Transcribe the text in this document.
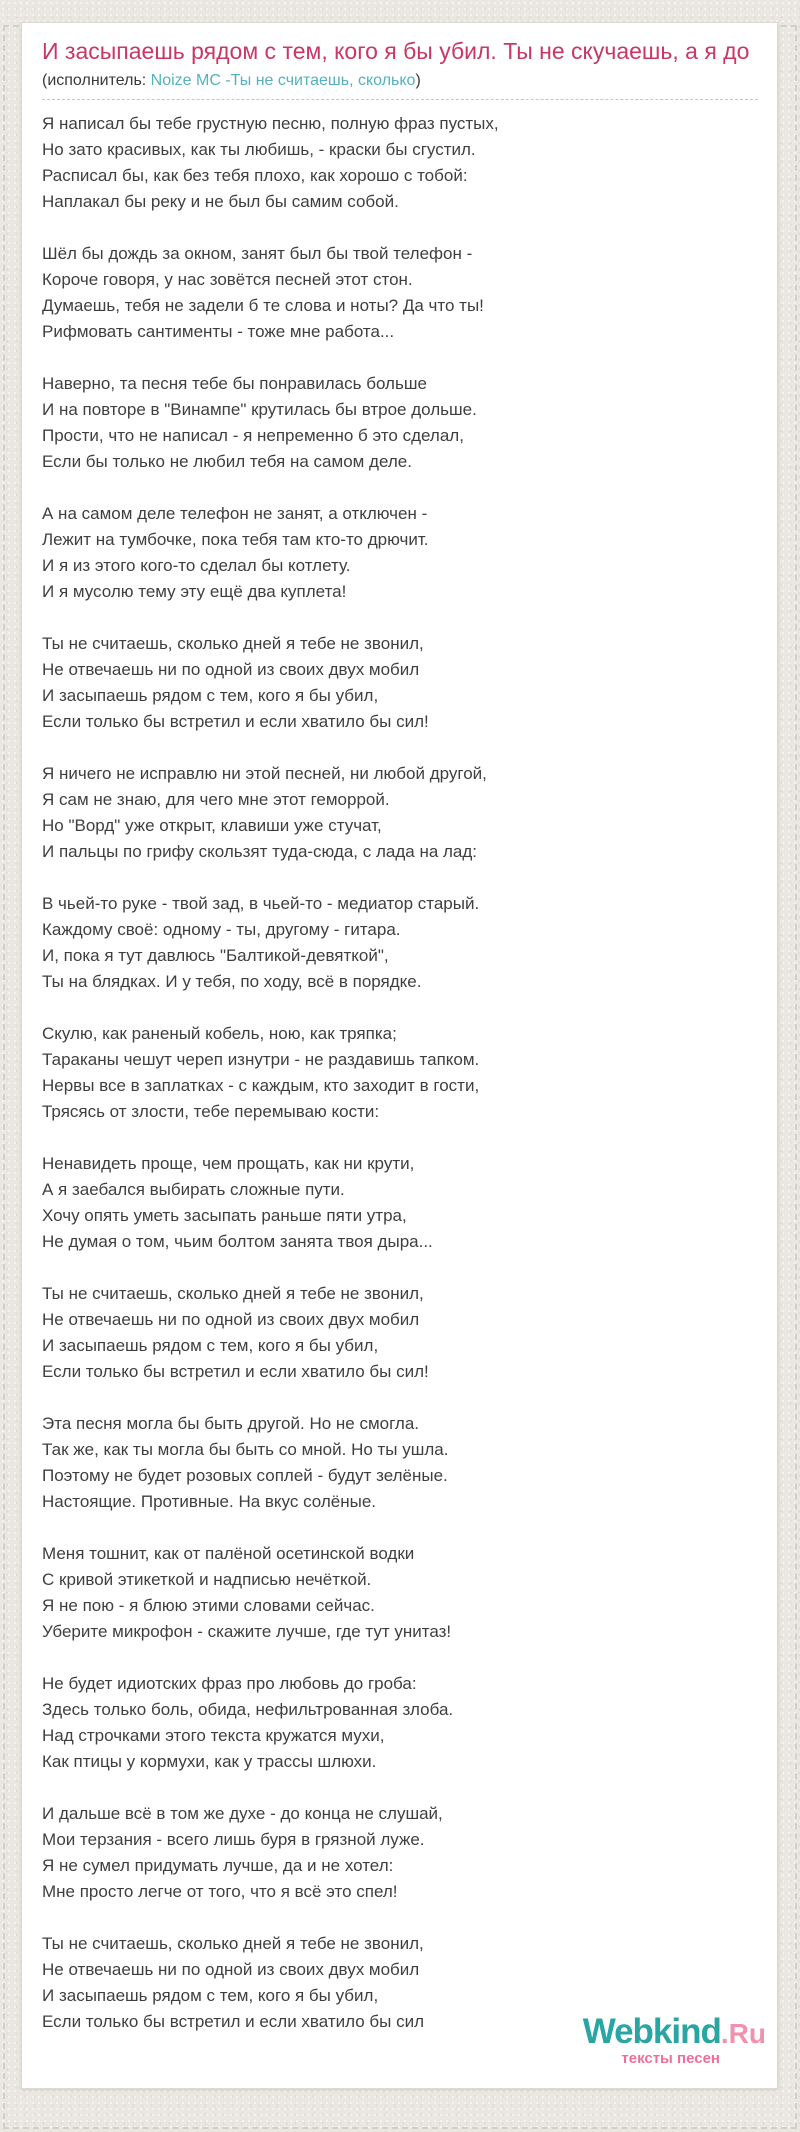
И засыпаешь рядом с тем, кого я бы убил. Ты не скучаешь, а я до
(исполнитель: Noize MC -Ты не считаешь, сколько)

Я написал бы тебе грустную песню, полную фраз пустых,
Но зато красивых, как ты любишь, - краски бы сгустил.
Расписал бы, как без тебя плохо, как хорошо с тобой:
Наплакал бы реку и не был бы самим собой.

Шёл бы дождь за окном, занят был бы твой телефон -
Короче говоря, у нас зовётся песней этот стон.
Думаешь, тебя не задели б те слова и ноты? Да что ты!
Рифмовать сантименты - тоже мне работа...

Наверно, та песня тебе бы понравилась больше
И на повторе в "Винампе" крутилась бы втрое дольше.
Прости, что не написал - я непременно б это сделал,
Если бы только не любил тебя на самом деле.

А на самом деле телефон не занят, а отключен -
Лежит на тумбочке, пока тебя там кто-то дрючит.
И я из этого кого-то сделал бы котлету.
И я мусолю тему эту ещё два куплета!

Ты не считаешь, сколько дней я тебе не звонил,
Не отвечаешь ни по одной из своих двух мобил
И засыпаешь рядом с тем, кого я бы убил,
Если только бы встретил и если хватило бы сил!

Я ничего не исправлю ни этой песней, ни любой другой,
Я сам не знаю, для чего мне этот геморрой.
Но "Ворд" уже открыт, клавиши уже стучат,
И пальцы по грифу скользят туда-сюда, с лада на лад:

В чьей-то руке - твой зад, в чьей-то - медиатор старый.
Каждому своё: одному - ты, другому - гитара.
И, пока я тут давлюсь "Балтикой-девяткой",
Ты на блядках. И у тебя, по ходу, всё в порядке.

Скулю, как раненый кобель, ною, как тряпка;
Тараканы чешут череп изнутри - не раздавишь тапком.
Нервы все в заплатках - с каждым, кто заходит в гости,
Трясясь от злости, тебе перемываю кости:

Ненавидеть проще, чем прощать, как ни крути,
А я заебался выбирать сложные пути.
Хочу опять уметь засыпать раньше пяти утра,
Не думая о том, чьим болтом занята твоя дыра...

Ты не считаешь, сколько дней я тебе не звонил,
Не отвечаешь ни по одной из своих двух мобил
И засыпаешь рядом с тем, кого я бы убил,
Если только бы встретил и если хватило бы сил!

Эта песня могла бы быть другой. Но не смогла.
Так же, как ты могла бы быть со мной. Но ты ушла.
Поэтому не будет розовых соплей - будут зелёные.
Настоящие. Противные. На вкус солёные.

Меня тошнит, как от палёной осетинской водки
С кривой этикеткой и надписью нечёткой.
Я не пою - я блюю этими словами сейчас.
Уберите микрофон - скажите лучше, где тут унитаз!

Не будет идиотских фраз про любовь до гроба:
Здесь только боль, обида, нефильтрованная злоба.
Над строчками этого текста кружатся мухи,
Как птицы у кормухи, как у трассы шлюхи.

И дальше всё в том же духе - до конца не слушай,
Мои терзания - всего лишь буря в грязной луже.
Я не сумел придумать лучше, да и не хотел:
Мне просто легче от того, что я всё это спел!

Ты не считаешь, сколько дней я тебе не звонил,
Не отвечаешь ни по одной из своих двух мобил
И засыпаешь рядом с тем, кого я бы убил,
Если только бы встретил и если хватило бы сил	Webkind.Ru
тексты песен
